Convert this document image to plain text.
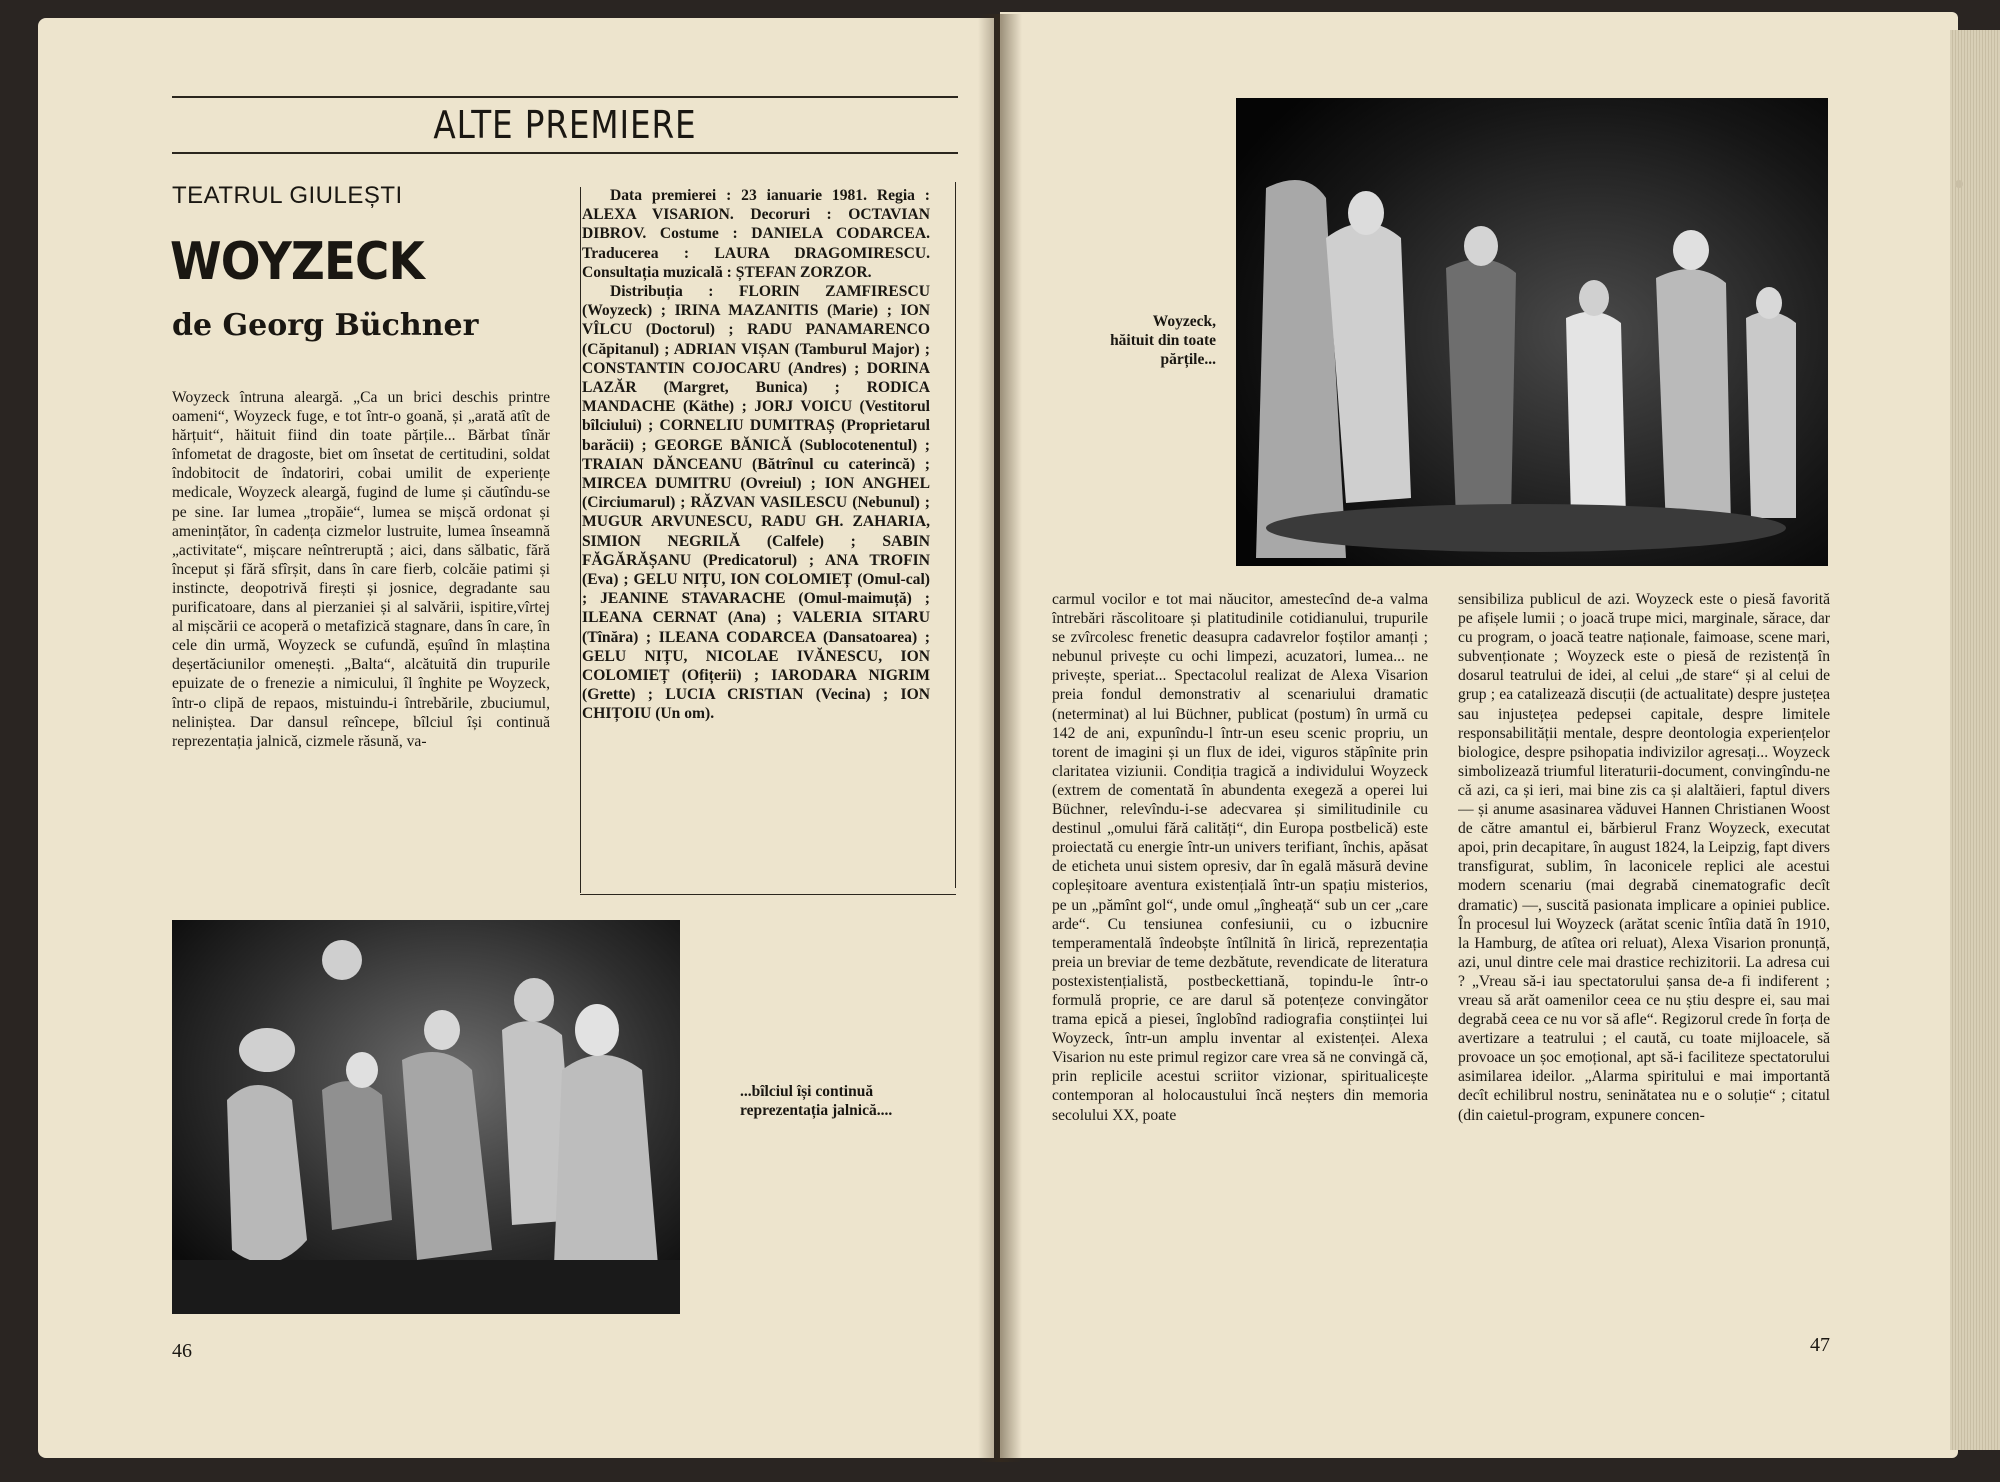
ALTE PREMIERE
TEATRUL GIULEȘTI
WOYZECK
de Georg Büchner
Woyzeck întruna aleargă. „Ca un brici deschis printre oameni“, Woyzeck fuge, e tot într-o goană, și „arată atît de hărțuit“, hăituit fiind din toate părțile... Bărbat tînăr înfometat de dragoste, biet om însetat de certitudini, soldat îndobitocit de îndatoriri, cobai umilit de experiențe medicale, Woyzeck aleargă, fugind de lume și căutîndu-se pe sine. Iar lumea „tropăie“, lumea se mișcă ordonat și amenințător, în cadența cizmelor lustruite, lumea înseamnă „activitate“, mișcare neîntreruptă ; aici, dans sălbatic, fără început și fără sfîrșit, dans în care fierb, colcăie patimi și instincte, deopotrivă firești și josnice, degradante sau purificatoare, dans al pierzaniei și al salvării, ispitire,vîrtej al mișcării ce acoperă o metafizică stagnare, dans în care, în cele din urmă, Woyzeck se cufundă, eșuînd în mlaștina deșertăciunilor omenești. „Balta“, alcătuită din trupurile epuizate de o frenezie a nimicului, îl înghite pe Woyzeck, într-o clipă de repaos, mistuindu-i întrebările, zbuciumul, neliniștea. Dar dansul reîncepe, bîlciul își continuă reprezentația jalnică, cizmele răsună, va-
Data premierei : 23 ianuarie 1981. Regia : ALEXA VISARION. Decoruri : OCTAVIAN DIBROV. Costume : DANIELA CODARCEA. Traducerea : LAURA DRAGOMIRESCU. Consultația muzicală : ȘTEFAN ZORZOR.
Distribuția : FLORIN ZAMFIRESCU (Woyzeck) ; IRINA MAZANITIS (Marie) ; ION VÎLCU (Doctorul) ; RADU PANAMARENCO (Căpitanul) ; ADRIAN VIȘAN (Tamburul Major) ; CONSTANTIN COJOCARU (Andres) ; DORINA LAZĂR (Margret, Bunica) ; RODICA MANDACHE (Käthe) ; JORJ VOICU (Vestitorul bîlciului) ; CORNELIU DUMITRAȘ (Proprietarul barăcii) ; GEORGE BĂNICĂ (Sublocotenentul) ; TRAIAN DĂNCEANU (Bătrînul cu caterincă) ; MIRCEA DUMITRU (Ovreiul) ; ION ANGHEL (Circiumarul) ; RĂZVAN VASILESCU (Nebunul) ; MUGUR ARVUNESCU, RADU GH. ZAHARIA, SIMION NEGRILĂ (Calfele) ; SABIN FĂGĂRĂȘANU (Predicatorul) ; ANA TROFIN (Eva) ; GELU NIȚU, ION COLOMIEȚ (Omul-cal) ; JEANINE STAVARACHE (Omul-maimuță) ; ILEANA CERNAT (Ana) ; VALERIA SITARU (Tînăra) ; ILEANA CODARCEA (Dansatoarea) ; GELU NIȚU, NICOLAE IVĂNESCU, ION COLOMIEȚ (Ofițerii) ; IARODARA NIGRIM (Grette) ; LUCIA CRISTIAN (Vecina) ; ION CHIȚOIU (Un om).
...bîlciul își continuă reprezentația jalnică....
Woyzeck, hăituit din toate părțile...
carmul vocilor e tot mai năucitor, amestecînd de-a valma întrebări răscolitoare și platitudinile cotidianului, trupurile se zvîrcolesc frenetic deasupra cadavrelor foștilor amanți ; nebunul privește cu ochi limpezi, acuzatori, lumea... ne privește, speriat... Spectacolul realizat de Alexa Visarion preia fondul demonstrativ al scenariului dramatic (neterminat) al lui Büchner, publicat (postum) în urmă cu 142 de ani, expunîndu-l într-un eseu scenic propriu, un torent de imagini și un flux de idei, viguros stăpînite prin claritatea viziunii. Condiția tragică a individului Woyzeck (extrem de comentată în abundenta exegeză a operei lui Büchner, relevîndu-i-se adecvarea și similitudinile cu destinul „omului fără calități“, din Europa postbelică) este proiectată cu energie într-un univers terifiant, închis, apăsat de eticheta unui sistem opresiv, dar în egală măsură devine copleșitoare aventura existențială într-un spațiu misterios, pe un „pămînt gol“, unde omul „îngheață“ sub un cer „care arde“. Cu tensiunea confesiunii, cu o izbucnire temperamentală îndeobște întîlnită în lirică, reprezentația preia un breviar de teme dezbătute, revendicate de literatura postexistențialistă, postbeckettiană, topindu-le într-o formulă proprie, ce are darul să potențeze convingător trama epică a piesei, înglobînd radiografia conștiinței lui Woyzeck, într-un amplu inventar al existenței. Alexa Visarion nu este primul regizor care vrea să ne convingă că, prin replicile acestui scriitor vizionar, spiritualicește contemporan al holocaustului încă neșters din memoria secolului XX, poate
sensibiliza publicul de azi. Woyzeck este o piesă favorită pe afișele lumii ; o joacă trupe mici, marginale, sărace, dar cu program, o joacă teatre naționale, faimoase, scene mari, subvenționate ; Woyzeck este o piesă de rezistență în dosarul teatrului de idei, al celui „de stare“ și al celui de grup ; ea catalizează discuții (de actualitate) despre justețea sau injustețea pedepsei capitale, despre limitele responsabilității mentale, despre deontologia experiențelor biologice, despre psihopatia indivizilor agresați... Woyzeck simbolizează triumful literaturii-document, convingîndu-ne că azi, ca și ieri, mai bine zis ca și alaltăieri, faptul divers — și anume asasinarea văduvei Hannen Christianen Woost de către amantul ei, bărbierul Franz Woyzeck, executat apoi, prin decapitare, în august 1824, la Leipzig, fapt divers transfigurat, sublim, în laconicele replici ale acestui modern scenariu (mai degrabă cinematografic decît dramatic) —, suscită pasionata implicare a opiniei publice. În procesul lui Woyzeck (arătat scenic întîia dată în 1910, la Hamburg, de atîtea ori reluat), Alexa Visarion pronunță, azi, unul dintre cele mai drastice rechizitorii. La adresa cui ? „Vreau să-i iau spectatorului șansa de-a fi indiferent ; vreau să arăt oamenilor ceea ce nu știu despre ei, sau mai degrabă ceea ce nu vor să afle“. Regizorul crede în forța de avertizare a teatrului ; el caută, cu toate mijloacele, să provoace un șoc emoțional, apt să-i faciliteze spectatorului asimilarea ideilor. „Alarma spiritului e mai importantă decît echilibrul nostru, seninătatea nu e o soluție“ ; citatul (din caietul-program, expunere concen-
46	47
